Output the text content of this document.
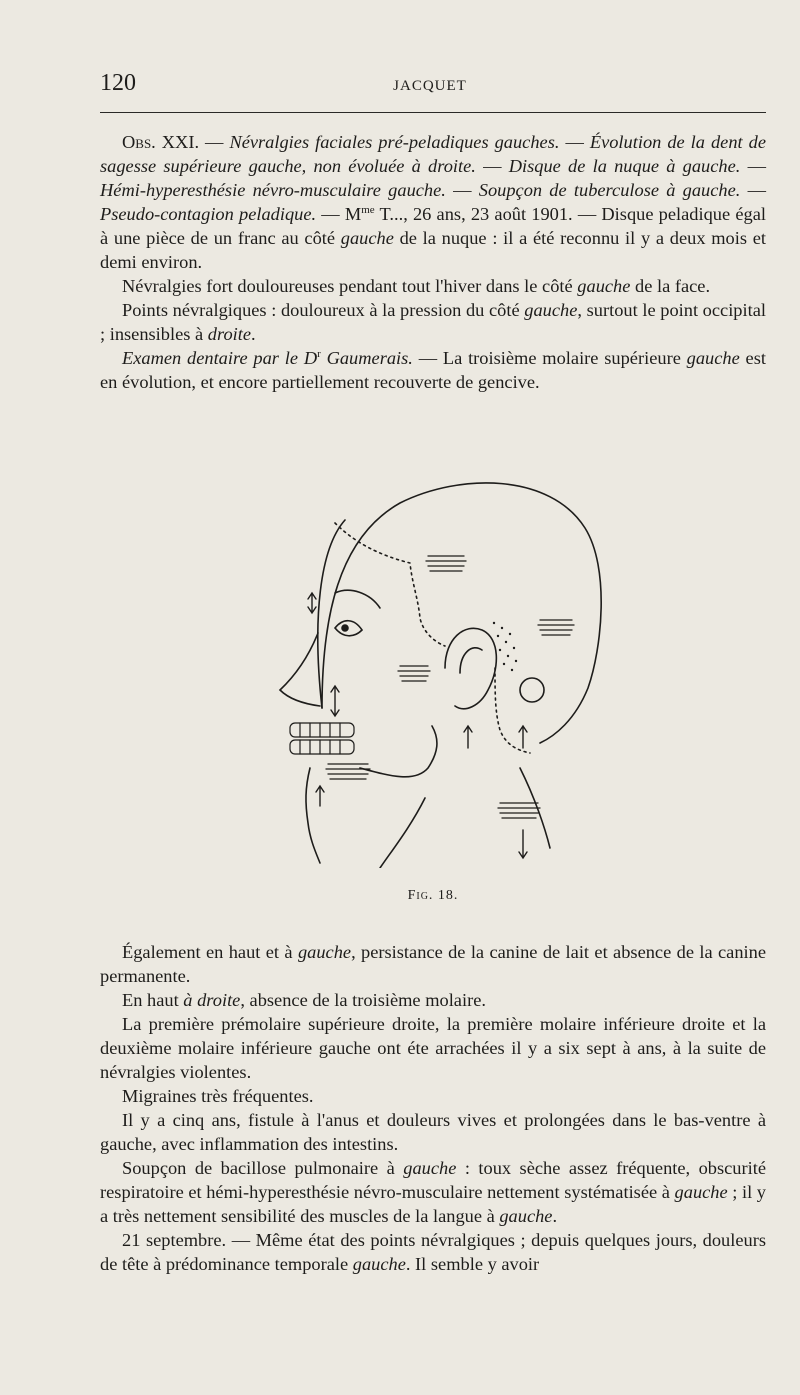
120	JACQUET

Obs. XXI. — Névralgies faciales pré-peladiques gauches. — Évolution de la dent de sagesse supérieure gauche, non évoluée à droite. — Disque de la nuque à gauche. — Hémi-hyperesthésie névro-musculaire gauche. — Soupçon de tuberculose à gauche. — Pseudo-contagion peladique. — $M^{me}$ T..., 26 ans, 23 août 1901. — Disque peladique égal à une pièce de un franc au côté gauche de la nuque : il a été reconnu il y a deux mois et demi environ.

Névralgies fort douloureuses pendant tout l'hiver dans le côté gauche de la face.

Points névralgiques : douloureux à la pression du côté gauche, surtout le point occipital ; insensibles à droite.

Examen dentaire par le $D^r$ Gaumerais. — La troisième molaire supérieure gauche est en évolution, et encore partiellement recouverte de gencive.

Fig. 18.

Également en haut et à gauche, persistance de la canine de lait et absence de la canine permanente.

En haut à droite, absence de la troisième molaire.

La première prémolaire supérieure droite, la première molaire inférieure droite et la deuxième molaire inférieure gauche ont éte arrachées il y a six sept à ans, à la suite de névralgies violentes.

Migraines très fréquentes.

Il y a cinq ans, fistule à l'anus et douleurs vives et prolongées dans le bas-ventre à gauche, avec inflammation des intestins.

Soupçon de bacillose pulmonaire à gauche : toux sèche assez fréquente, obscurité respiratoire et hémi-hyperesthésie névro-musculaire nettement systématisée à gauche ; il y a très nettement sensibilité des muscles de la langue à gauche.

21 septembre. — Même état des points névralgiques ; depuis quelques jours, douleurs de tête à prédominance temporale gauche. Il semble y avoir
